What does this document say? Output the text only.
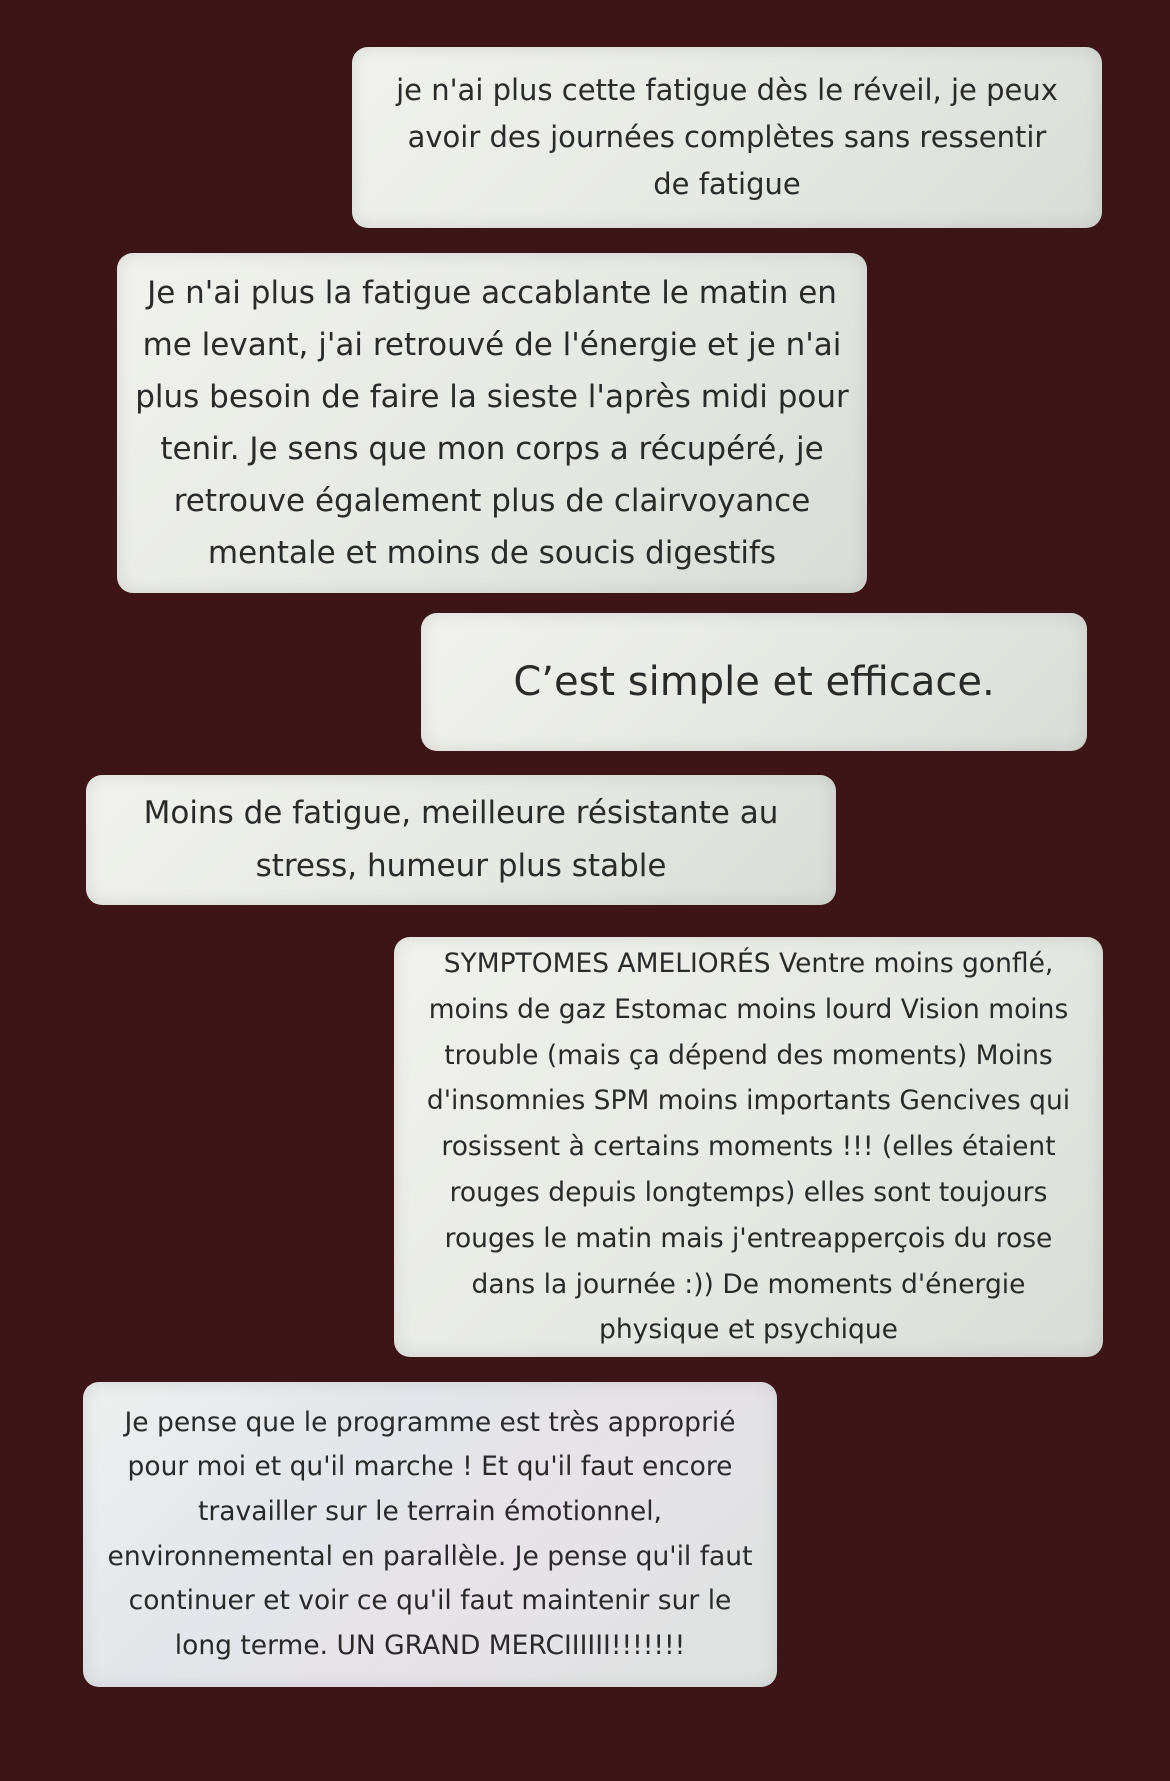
je n'ai plus cette fatigue dès le réveil, je peux avoir des journées complètes sans ressentir de fatigue

Je n'ai plus la fatigue accablante le matin en me levant, j'ai retrouvé de l'énergie et je n'ai plus besoin de faire la sieste l'après midi pour tenir. Je sens que mon corps a récupéré, je retrouve également plus de clairvoyance mentale et moins de soucis digestifs

C’est simple et efficace.

Moins de fatigue, meilleure résistante au stress, humeur plus stable

SYMPTOMES AMELIORÉS Ventre moins gonflé, moins de gaz Estomac moins lourd Vision moins trouble (mais ça dépend des moments) Moins d'insomnies SPM moins importants Gencives qui rosissent à certains moments !!! (elles étaient rouges depuis longtemps) elles sont toujours rouges le matin mais j'entreapperçois du rose dans la journée :)) De moments d'énergie physique et psychique

Je pense que le programme est très approprié pour moi et qu'il marche ! Et qu'il faut encore travailler sur le terrain émotionnel, environnemental en parallèle. Je pense qu'il faut continuer et voir ce qu'il faut maintenir sur le long terme. UN GRAND MERCIIIIII!!!!!!!
